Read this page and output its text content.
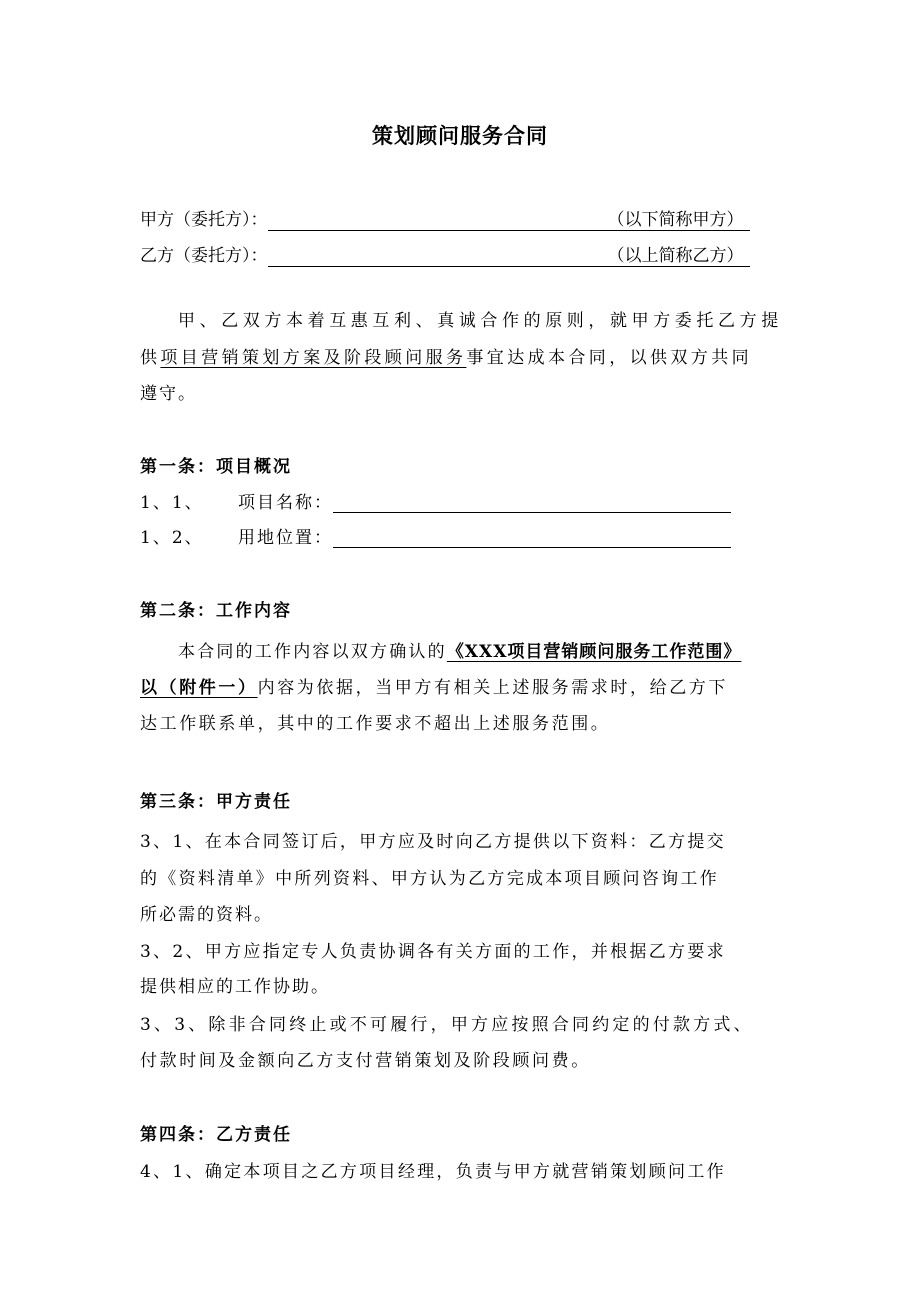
策划顾问服务合同
甲方（委托方）：	（以下简称甲方）
乙方（委托方）：	（以上简称乙方）
甲、乙双方本着互惠互利、真诚合作的原则，就甲方委托乙方提
供项目营销策划方案及阶段顾问服务事宜达成本合同，以供双方共同
遵守。
第一条：项目概况
1、1、 项目名称：
1、2、 用地位置：
第二条：工作内容
本合同的工作内容以双方确认的《XXX项目营销顾问服务工作范围》
以（附件一）内容为依据，当甲方有相关上述服务需求时，给乙方下
达工作联系单，其中的工作要求不超出上述服务范围。
第三条：甲方责任
3、1、在本合同签订后，甲方应及时向乙方提供以下资料：乙方提交
的《资料清单》中所列资料、甲方认为乙方完成本项目顾问咨询工作
所必需的资料。
3、2、甲方应指定专人负责协调各有关方面的工作，并根据乙方要求
提供相应的工作协助。
3、3、除非合同终止或不可履行，甲方应按照合同约定的付款方式、
付款时间及金额向乙方支付营销策划及阶段顾问费。
第四条：乙方责任
4、1、确定本项目之乙方项目经理，负责与甲方就营销策划顾问工作
